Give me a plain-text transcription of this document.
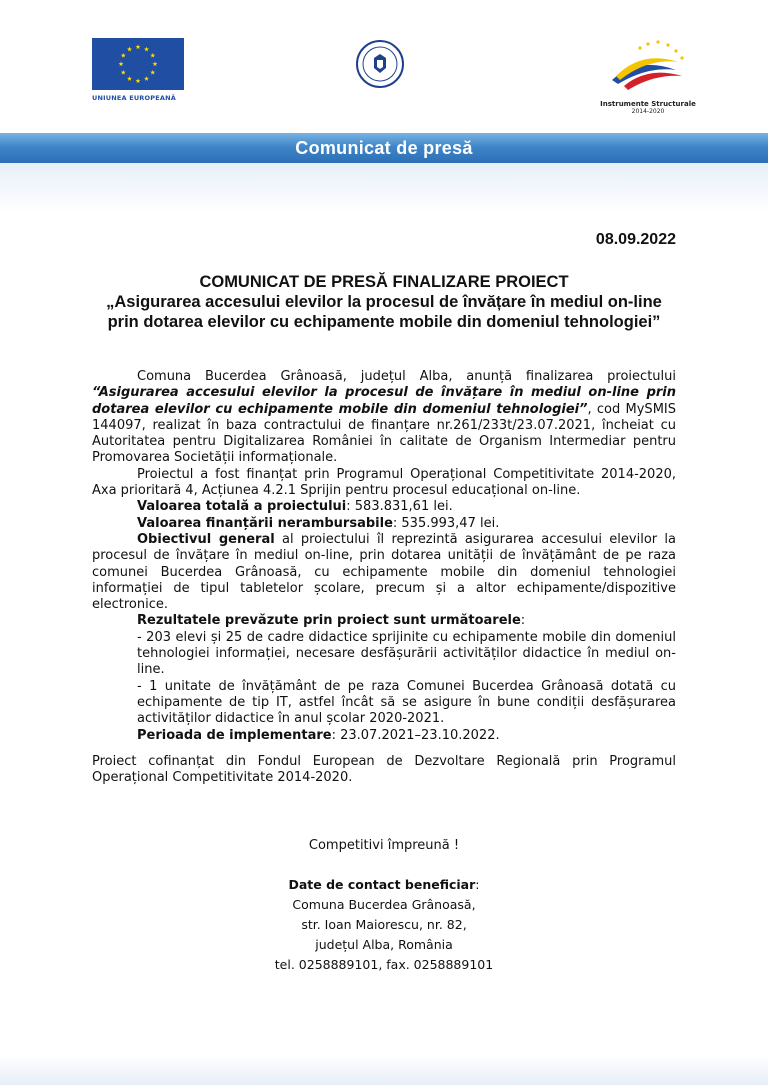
UNIUNEA EUROPEANĂ
Instrumente Structurale
2014-2020
Comunicat de presă
08.09.2022
COMUNICAT DE PRESĂ FINALIZARE PROIECT
„Asigurarea accesului elevilor la procesul de învățare în mediul on-line prin dotarea elevilor cu echipamente mobile din domeniul tehnologiei”

Comuna Bucerdea Grânoasă, județul Alba, anunță finalizarea proiectului “Asigurarea accesului elevilor la procesul de învățare în mediul on-line prin dotarea elevilor cu echipamente mobile din domeniul tehnologiei”, cod MySMIS 144097, realizat în baza contractului de finanțare nr.261/233t/23.07.2021, încheiat cu Autoritatea pentru Digitalizarea României în calitate de Organism Intermediar pentru Promovarea Societății informaționale.

Proiectul a fost finanțat prin Programul Operațional Competitivitate 2014-2020, Axa prioritară 4, Acțiunea 4.2.1 Sprijin pentru procesul educațional on-line.

Valoarea totală a proiectului: 583.831,61 lei.

Valoarea finanțării nerambursabile: 535.993,47 lei.

Obiectivul general al proiectului îl reprezintă asigurarea accesului elevilor la procesul de învățare în mediul on-line, prin dotarea unității de învățământ de pe raza comunei Bucerdea Grânoasă, cu echipamente mobile din domeniul tehnologiei informației de tipul tabletelor școlare, precum și a altor echipamente/dispozitive electronice.

Rezultatele prevăzute prin proiect sunt următoarele:

- 203 elevi și 25 de cadre didactice sprijinite cu echipamente mobile din domeniul tehnologiei informației, necesare desfășurării activităților didactice în mediul on-line.

- 1 unitate de învățământ de pe raza Comunei Bucerdea Grânoasă dotată cu echipamente de tip IT, astfel încât să se asigure în bune condiții desfășurarea activităților didactice în anul școlar 2020-2021.

Perioada de implementare: 23.07.2021–23.10.2022.

Proiect cofinanțat din Fondul European de Dezvoltare Regională prin Programul Operațional Competitivitate 2014-2020.

Competitivi împreună !
Date de contact beneficiar:
Comuna Bucerdea Grânoasă,
str. Ioan Maiorescu, nr. 82,
județul Alba, România
tel. 0258889101, fax. 0258889101
